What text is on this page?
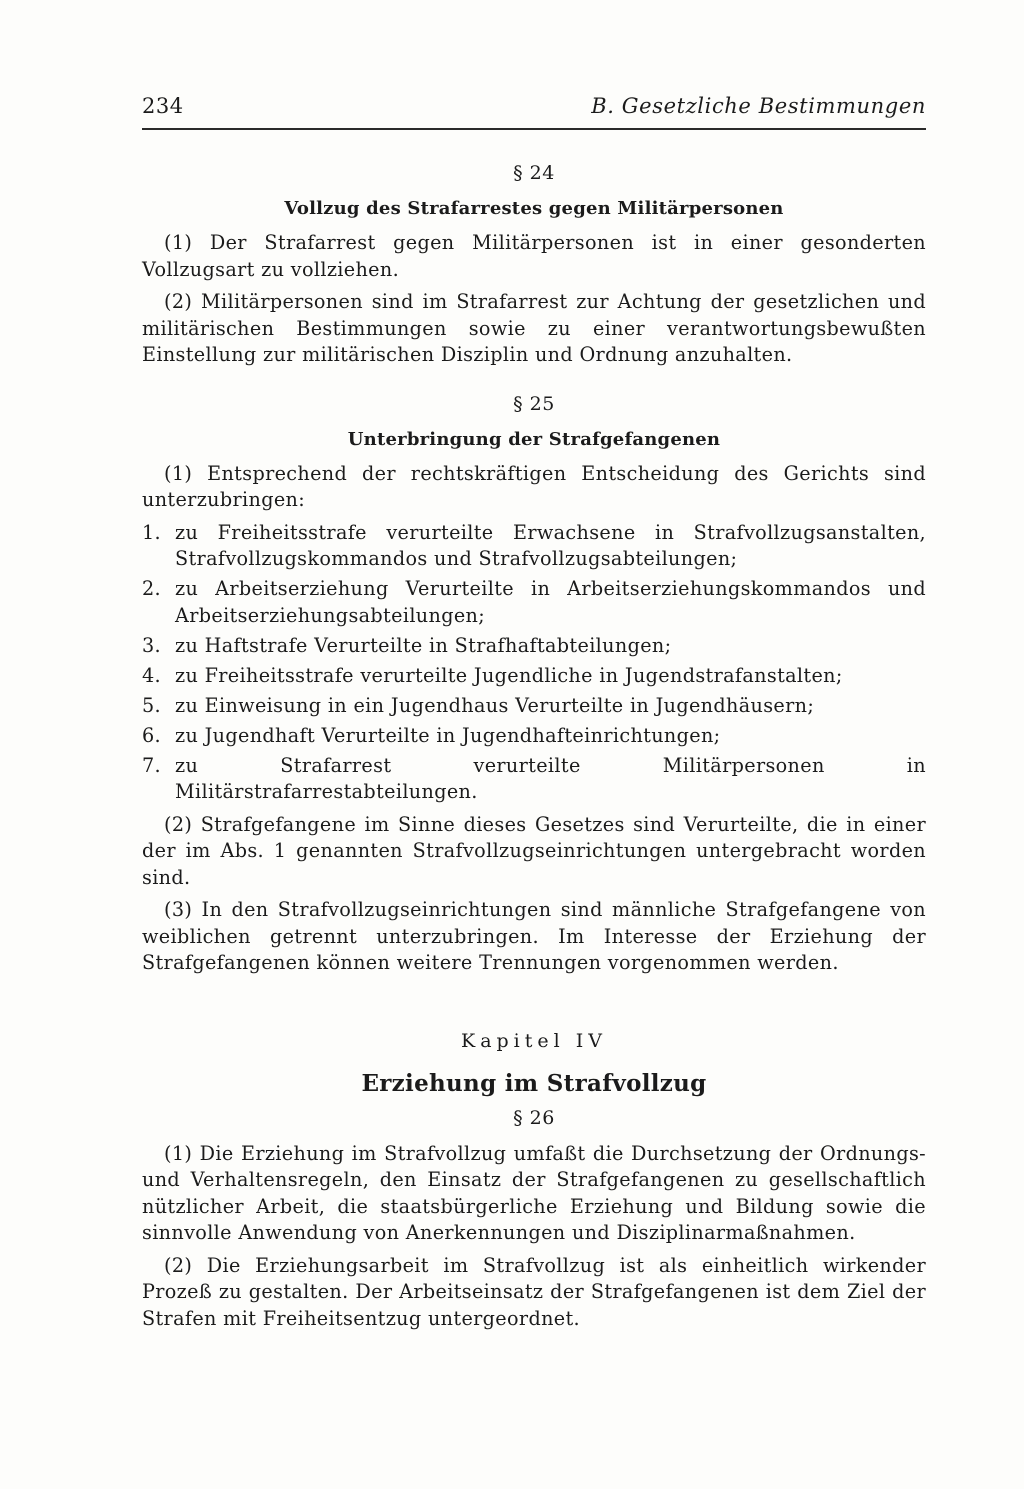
234	B. Gesetzliche Bestimmungen
§ 24
Vollzug des Strafarrestes gegen Militärpersonen

(1) Der Strafarrest gegen Militärpersonen ist in einer gesonderten Vollzugsart zu vollziehen.

(2) Militärpersonen sind im Strafarrest zur Achtung der gesetzlichen und militärischen Bestimmungen sowie zu einer verantwortungsbewußten Einstellung zur militärischen Disziplin und Ordnung anzuhalten.

§ 25
Unterbringung der Strafgefangenen

(1) Entsprechend der rechtskräftigen Entscheidung des Gerichts sind unterzubringen:

1. zu Freiheitsstrafe verurteilte Erwachsene in Strafvollzugsanstalten, Strafvollzugskommandos und Strafvollzugsabteilungen;
2. zu Arbeitserziehung Verurteilte in Arbeitserziehungskommandos und Arbeitserziehungsabteilungen;
3. zu Haftstrafe Verurteilte in Strafhaftabteilungen;
4. zu Freiheitsstrafe verurteilte Jugendliche in Jugendstrafanstalten;
5. zu Einweisung in ein Jugendhaus Verurteilte in Jugendhäusern;
6. zu Jugendhaft Verurteilte in Jugendhafteinrichtungen;
7. zu Strafarrest verurteilte Militärpersonen in Militärstrafarrestabteilungen.

(2) Strafgefangene im Sinne dieses Gesetzes sind Verurteilte, die in einer der im Abs. 1 genannten Strafvollzugseinrichtungen untergebracht worden sind.

(3) In den Strafvollzugseinrichtungen sind männliche Strafgefangene von weiblichen getrennt unterzubringen. Im Interesse der Erziehung der Strafgefangenen können weitere Trennungen vorgenommen werden.

Kapitel IV
Erziehung im Strafvollzug
§ 26

(1) Die Erziehung im Strafvollzug umfaßt die Durchsetzung der Ordnungs- und Verhaltensregeln, den Einsatz der Strafgefangenen zu gesellschaftlich nützlicher Arbeit, die staatsbürgerliche Erziehung und Bildung sowie die sinnvolle Anwendung von Anerkennungen und Disziplinarmaßnahmen.

(2) Die Erziehungsarbeit im Strafvollzug ist als einheitlich wirkender Prozeß zu gestalten. Der Arbeitseinsatz der Strafgefangenen ist dem Ziel der Strafen mit Freiheitsentzug untergeordnet.
